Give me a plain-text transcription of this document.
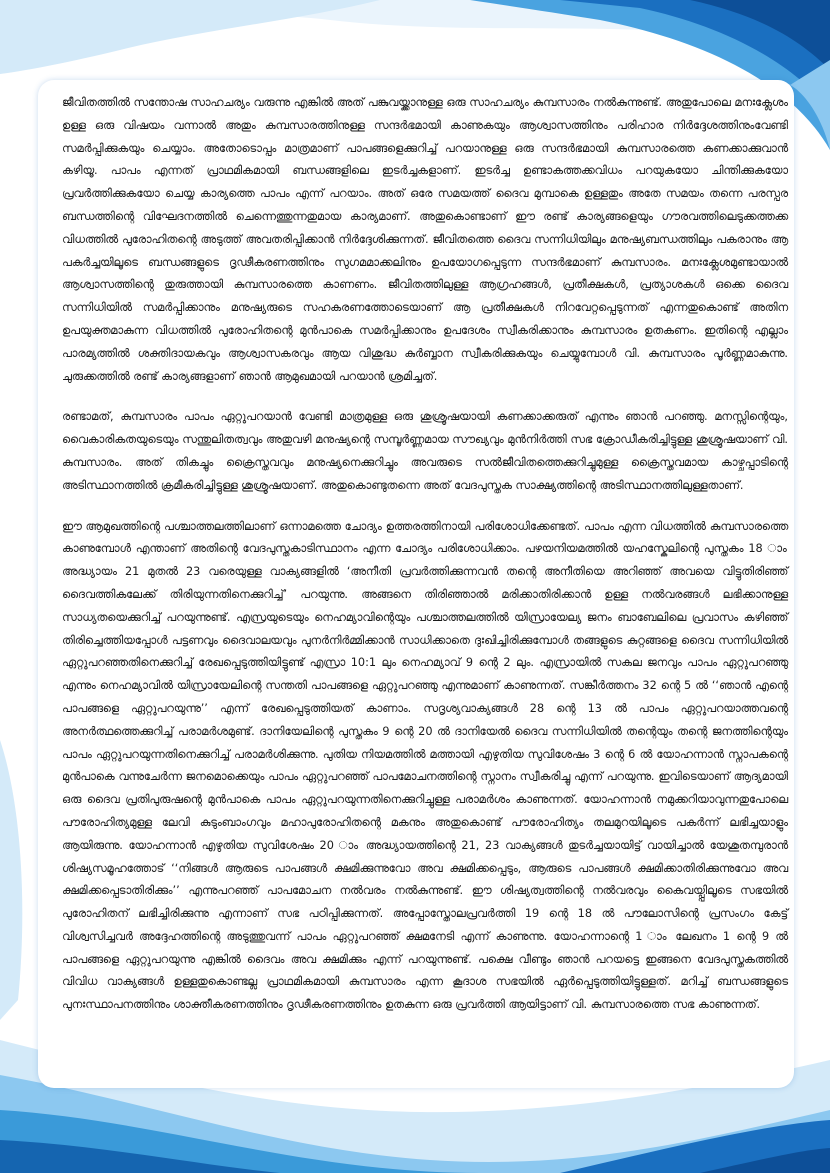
ജീവിതത്തിൽ സന്തോഷ സാഹചര്യം വരുന്നു എങ്കിൽ അത് പങ്കുവയ്ക്കാനുള്ള ഒരു സാഹചര്യം കുമ്പസാരം നൽകുന്നുണ്ട്. അതുപോലെ മനഃക്ലേശം ഉള്ള ഒരു വിഷയം വന്നാൽ അതും കുമ്പസാരത്തിനുള്ള സന്ദർഭമായി കാണുകയും ആശ്വാസത്തിനും പരിഹാര നിർദ്ദേശത്തിനുംവേണ്ടി സമർപ്പിക്കുകയും ചെയ്യാം. അതോടൊപ്പം മാത്രമാണ് പാപങ്ങളെക്കുറിച്ച് പറയാനുള്ള ഒരു സന്ദർഭമായി കുമ്പസാരത്തെ കണക്കാക്കുവാൻ കഴിയൂ. പാപം എന്നത് പ്രാഥമികമായി ബന്ധങ്ങളിലെ ഇടർച്ചകളാണ്. ഇടർച്ച ഉണ്ടാകത്തക്കവിധം പറയുകയോ ചിന്തിക്കുകയോ പ്രവർത്തിക്കുകയോ ചെയ്യ കാര്യത്തെ പാപം എന്ന് പറയാം. അത് ഒരേ സമയത്ത് ദൈവ മുമ്പാകെ ഉള്ളതും അതേ സമയം തന്നെ പരസ്പര ബന്ധത്തിന്റെ വിഘേദനത്തിൽ ചെന്നെത്തുന്നതുമായ കാര്യമാണ്. അതുകൊണ്ടാണ് ഈ രണ്ട് കാര്യങ്ങളെയും ഗൗരവത്തിലെടുക്കത്തക്ക വിധത്തിൽ പുരോഹിതന്റെ അടുത്ത് അവതരിപ്പിക്കാൻ നിർദ്ദേശിക്കുന്നത്. ജീവിതത്തെ ദൈവ സന്നിധിയിലും മനുഷ്യബന്ധത്തിലും പകരാനും ആ പകർച്ചയിലൂടെ ബന്ധങ്ങളുടെ ദൃഢീകരണത്തിനും സുഗമമാക്കലിനും ഉപയോഗപ്പെടുന്ന സന്ദർഭമാണ് കുമ്പസാരം. മനഃക്ലേശമുണ്ടായാൽ ആശ്വാസത്തിന്റെ തുരുത്തായി കുമ്പസാരത്തെ കാണണം. ജീവിതത്തിലുള്ള ആഗ്രഹങ്ങൾ, പ്രതീക്ഷകൾ, പ്രത്യാശകൾ ഒക്കെ ദൈവ സന്നിധിയിൽ സമർപ്പിക്കാനും മനുഷ്യരുടെ സഹകരണത്തോടെയാണ് ആ പ്രതീക്ഷകൾ നിറവേറ്റപ്പെടുന്നത് എന്നതുകൊണ്ട് അതിന ഉപയുക്തമാകുന്ന വിധത്തിൽ പുരോഹിതന്റെ മുൻപാകെ സമർപ്പിക്കാനും ഉപദേശം സ്വീകരിക്കാനും കുമ്പസാരം ഉതകണം. ഇതിന്റെ എല്ലാം പാരമ്യത്തിൽ ശക്തിദായകവും ആശ്വാസകരവും ആയ വിശുദ്ധ കുർബ്ബാന സ്വീകരിക്കുകയും ചെയ്യുമ്പോൾ വി. കുമ്പസാരം പൂർണ്ണമാകുന്നു. ചുരുക്കത്തിൽ രണ്ട് കാര്യങ്ങളാണ് ഞാൻ ആമുഖമായി പറയാൻ ശ്രമിച്ചത്.

രണ്ടാമത്, കുമ്പസാരം പാപം ഏറ്റുപറയാൻ വേണ്ടി മാത്രമുള്ള ഒരു ശുശ്രൂഷയായി കണക്കാക്കരുത് എന്നും ഞാൻ പറഞ്ഞു. മനസ്സിന്റെയും, വൈകാരികതയുടെയും സന്തുലിതത്വവും അതുവഴി മനുഷ്യന്റെ സമ്പൂർണ്ണമായ സൗഖ്യവും മുൻനിർത്തി സഭ ക്രോഡീകരിച്ചിട്ടുള്ള ശുശ്രൂഷയാണ് വി. കുമ്പസാരം. അത് തികച്ചും ക്രൈസ്തവവും മനുഷ്യനെക്കുറിച്ചും അവരുടെ സൽജീവിതത്തെക്കുറിച്ചുമുള്ള ക്രൈസ്തവമായ കാഴ്ചപ്പാടിന്റെ അടിസ്ഥാനത്തിൽ ക്രമീകരിച്ചിട്ടുള്ള ശുശ്രൂഷയാണ്. അതുകൊണ്ടുതന്നെ അത് വേദപുസ്തക സാക്ഷ്യത്തിന്റെ അടിസ്ഥാനത്തിലുള്ളതാണ്.

ഈ ആമുഖത്തിന്റെ പശ്ചാത്തലത്തിലാണ് ഒന്നാമത്തെ ചോദ്യം ഉത്തരത്തിനായി പരിശോധിക്കേണ്ടത്. പാപം എന്ന വിധത്തിൽ കുമ്പസാരത്തെ കാണുമ്പോൾ എന്താണ് അതിന്റെ വേദപുസ്തകാടിസ്ഥാനം എന്ന ചോദ്യം പരിശോധിക്കാം. പഴയനിയമത്തിൽ യഹസ്കേലിന്റെ പുസ്തകം 18 ാം അദ്ധ്യായം 21 മുതൽ 23 വരെയുള്ള വാക്യങ്ങളിൽ ‘അനീതി പ്രവർത്തിക്കുന്നവൻ തന്റെ അനീതിയെ അറിഞ്ഞ് അവയെ വിട്ടുതിരിഞ്ഞ് ദൈവത്തികലേക്ക് തിരിയുന്നതിനെക്കുറിച്ച്’ പറയുന്നു. അങ്ങനെ തിരിഞ്ഞാൽ മരിക്കാതിരിക്കാൻ ഉള്ള നൽവരങ്ങൾ ലഭിക്കാനുള്ള സാധ്യതയെക്കുറിച്ച് പറയുന്നുണ്ട്. എസ്രയുടെയും നെഹമ്യാവിന്റെയും പശ്ചാത്തലത്തിൽ യിസ്രായേല്യ ജനം ബാബേലിലെ പ്രവാസം കഴിഞ്ഞ് തിരിച്ചെത്തിയപ്പോൾ പട്ടണവും ദൈവാലയവും പുനർനിർമ്മിക്കാൻ സാധിക്കാതെ ദുഃഖിച്ചിരിക്കുമ്പോൾ തങ്ങളുടെ കുറ്റങ്ങളെ ദൈവ സന്നിധിയിൽ ഏറ്റുപറഞ്ഞതിനെക്കുറിച്ച് രേഖപ്പെടുത്തിയിട്ടുണ്ട് എസ്രാ 10:1 ലും നെഹമ്യാവ് 9 ന്റെ 2 ലും. എസ്രായിൽ സകല ജനവും പാപം ഏറ്റുപറഞ്ഞു എന്നും നെഹമ്യാവിൽ യിസ്രായേലിന്റെ സന്തതി പാപങ്ങളെ ഏറ്റുപറഞ്ഞു എന്നുമാണ് കാണുന്നത്. സങ്കീർത്തനം 32 ന്റെ 5 ൽ ‘‘ഞാൻ എന്റെ പാപങ്ങളെ ഏറ്റുപറയുന്നു’’ എന്ന് രേഖപ്പെടുത്തിയത് കാണാം. സദൃശ്യവാക്യങ്ങൾ 28 ന്റെ 13 ൽ പാപം ഏറ്റുപറയാത്തവന്റെ അനർത്ഥത്തെക്കുറിച്ച് പരാമർശമുണ്ട്. ദാനിയേലിന്റെ പുസ്തകം 9 ന്റെ 20 ൽ ദാനിയേൽ ദൈവ സന്നിധിയിൽ തന്റെയും തന്റെ ജനത്തിന്റെയും പാപം ഏറ്റുപറയുന്നതിനെക്കുറിച്ച് പരാമർശിക്കുന്നു. പുതിയ നിയമത്തിൽ മത്തായി എഴുതിയ സുവിശേഷം 3 ന്റെ 6 ൽ യോഹന്നാൻ സ്നാപകന്റെ മുൻപാകെ വന്നുചേർന്ന ജനമൊക്കെയും പാപം ഏറ്റുപറഞ്ഞ് പാപമോചനത്തിന്റെ സ്നാനം സ്വീകരിച്ചു എന്ന് പറയുന്നു. ഇവിടെയാണ് ആദ്യമായി ഒരു ദൈവ പ്രതിപുരുഷന്റെ മുൻപാകെ പാപം ഏറ്റുപറയുന്നതിനെക്കുറിച്ചുള്ള പരാമർശം കാണുന്നത്. യോഹന്നാൻ നമുക്കറിയാവുന്നതുപോലെ പൗരോഹിത്യമുള്ള ലേവി കുടുംബാംഗവും മഹാപുരോഹിതന്റെ മകനും അതുകൊണ്ട് പൗരോഹിത്യം തലമുറയിലൂടെ പകർന്ന് ലഭിച്ചയാളും ആയിരുന്നു. യോഹന്നാൻ എഴുതിയ സുവിശേഷം 20 ാം അദ്ധ്യായത്തിന്റെ 21, 23 വാക്യങ്ങൾ തുടർച്ചയായിട്ട് വായിച്ചാൽ യേശുതമ്പുരാൻ ശിഷ്യസമൂഹത്തോട് ‘‘നിങ്ങൾ ആരുടെ പാപങ്ങൾ ക്ഷമിക്കുന്നുവോ അവ ക്ഷമിക്കപ്പെടും, ആരുടെ പാപങ്ങൾ ക്ഷമിക്കാതിരിക്കുന്നുവോ അവ ക്ഷമിക്കപ്പെടാതിരിക്കും’’ എന്നുപറഞ്ഞ് പാപമോചന നൽവരം നൽകുന്നുണ്ട്. ഈ ശിഷ്യത്വത്തിന്റെ നൽവരവും കൈവയ്പ്പിലൂടെ സഭയിൽ പുരോഹിതന് ലഭിച്ചിരിക്കുന്നു എന്നാണ് സഭ പഠിപ്പിക്കുന്നത്. അപ്പോസ്തോലപ്രവർത്തി 19 ന്റെ 18 ൽ പൗലോസിന്റെ പ്രസംഗം കേട്ട് വിശ്വസിച്ചവർ അദ്ദേഹത്തിന്റെ അടുത്തുവന്ന് പാപം ഏറ്റുപറഞ്ഞ് ക്ഷമനേടി എന്ന് കാണുന്നു. യോഹന്നാന്റെ 1 ാം ലേഖനം 1 ന്റെ 9 ൽ പാപങ്ങളെ ഏറ്റുപറയുന്നു എങ്കിൽ ദൈവം അവ ക്ഷമിക്കും എന്ന് പറയുന്നുണ്ട്. പക്ഷെ വീണ്ടും ഞാൻ പറയട്ടെ ഇങ്ങനെ വേദപുസ്തകത്തിൽ വിവിധ വാക്യങ്ങൾ ഉള്ളതുകൊണ്ടല്ല പ്രാഥമികമായി കുമ്പസാരം എന്ന കൂദാശ സഭയിൽ ഏർപ്പെടുത്തിയിട്ടുള്ളത്. മറിച്ച് ബന്ധങ്ങളുടെ പുനഃസ്ഥാപനത്തിനും ശാക്തീകരണത്തിനും ദൃഢീകരണത്തിനും ഉതകുന്ന ഒരു പ്രവർത്തി ആയിട്ടാണ് വി. കുമ്പസാരത്തെ സഭ കാണുന്നത്.
